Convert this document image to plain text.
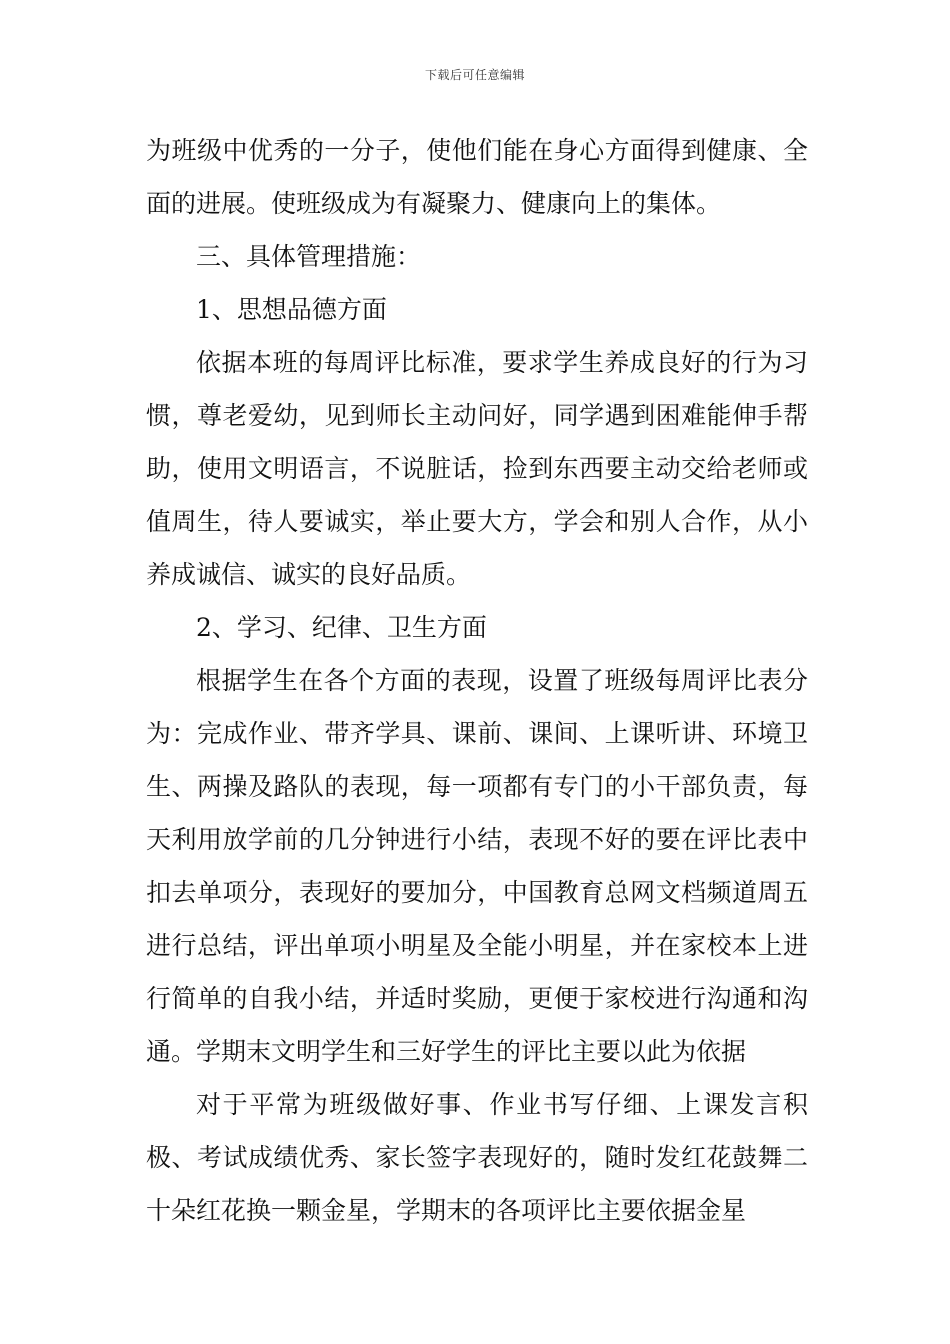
下载后可任意编辑

为班级中优秀的一分子，使他们能在身心方面得到健康、全面的进展。使班级成为有凝聚力、健康向上的集体。

三、具体管理措施：

1、思想品德方面

依据本班的每周评比标准，要求学生养成良好的行为习惯，尊老爱幼，见到师长主动问好，同学遇到困难能伸手帮助，使用文明语言，不说脏话，捡到东西要主动交给老师或值周生，待人要诚实，举止要大方，学会和别人合作，从小养成诚信、诚实的良好品质。

2、学习、纪律、卫生方面

根据学生在各个方面的表现，设置了班级每周评比表分为：完成作业、带齐学具、课前、课间、上课听讲、环境卫生、两操及路队的表现，每一项都有专门的小干部负责，每天利用放学前的几分钟进行小结，表现不好的要在评比表中扣去单项分，表现好的要加分，中国教育总网文档频道周五进行总结，评出单项小明星及全能小明星，并在家校本上进行简单的自我小结，并适时奖励，更便于家校进行沟通和沟通。学期末文明学生和三好学生的评比主要以此为依据

对于平常为班级做好事、作业书写仔细、上课发言积极、考试成绩优秀、家长签字表现好的，随时发红花鼓舞二十朵红花换一颗金星，学期末的各项评比主要依据金星
